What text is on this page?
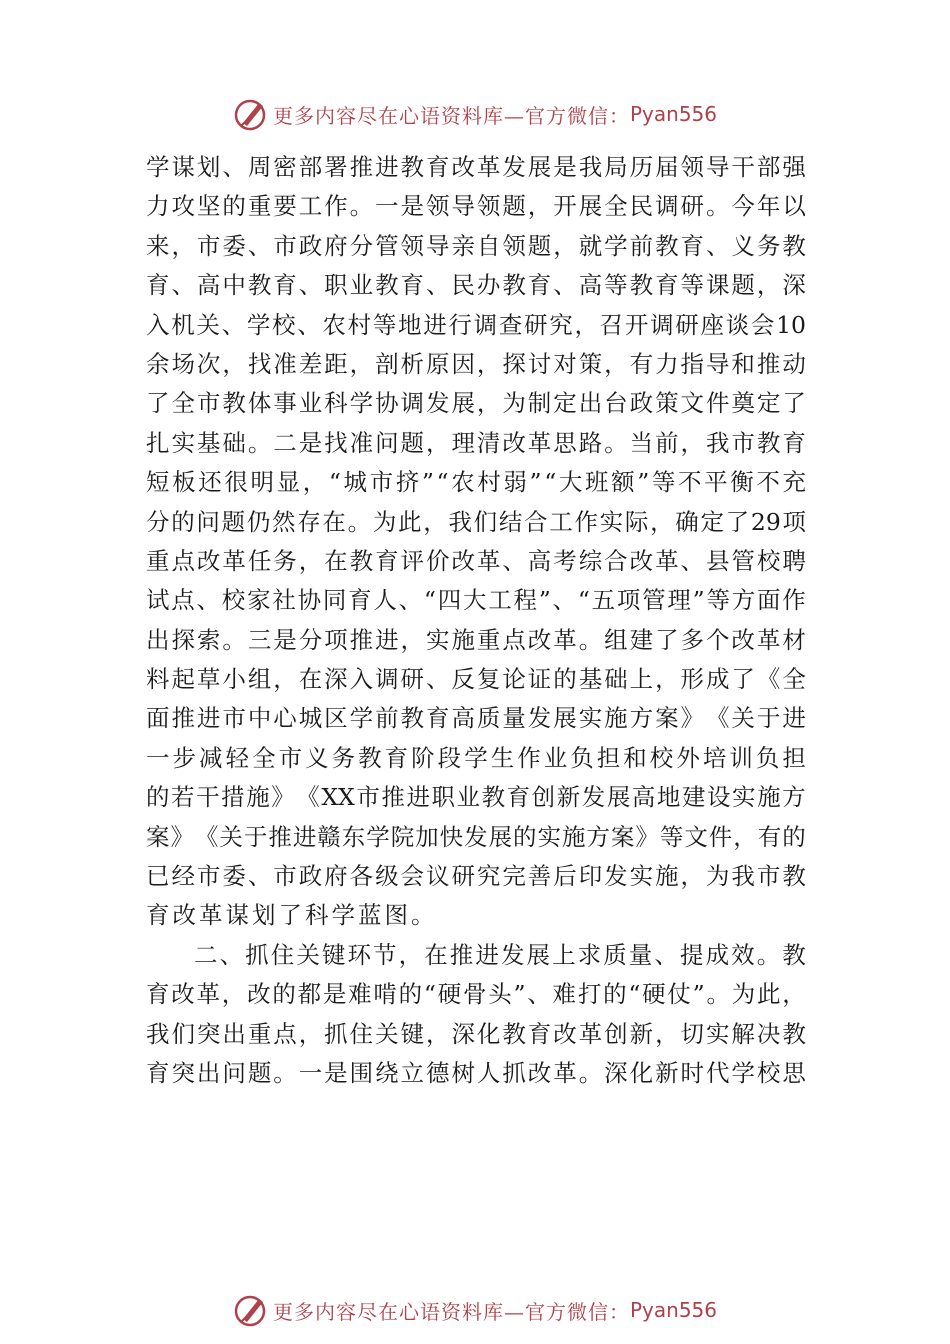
更多内容尽在心语资料库—官方微信： Pyan556
学 谋 划 、 周 密 部 署 推 进 教 育 改 革 发 展 是 我 局 历 届 领 导 干 部 强
力 攻 坚 的 重 要 工 作 。 一 是 领 导 领 题 ， 开 展 全 民 调 研 。 今 年 以
来 ， 市 委 、 市 政 府 分 管 领 导 亲 自 领 题 ， 就 学 前 教 育 、 义 务 教
育 、 高 中 教 育 、 职 业 教 育 、 民 办 教 育 、 高 等 教 育 等 课 题 ， 深
入 机 关 、 学 校 、 农 村 等 地 进 行 调 查 研 究 ， 召 开 调 研 座 谈 会 10
余 场 次 ， 找 准 差 距 ， 剖 析 原 因 ， 探 讨 对 策 ， 有 力 指 导 和 推 动
了 全 市 教 体 事 业 科 学 协 调 发 展 ， 为 制 定 出 台 政 策 文 件 奠 定 了
扎 实 基 础 。 二 是 找 准 问 题 ， 理 清 改 革 思 路 。 当 前 ， 我 市 教 育
短 板 还 很 明 显 ， “ 城 市 挤 ” “ 农 村 弱 ” “ 大 班 额 ” 等 不 平 衡 不 充
分 的 问 题 仍 然 存 在 。 为 此 ， 我 们 结 合 工 作 实 际 ， 确 定 了 29 项
重 点 改 革 任 务 ， 在 教 育 评 价 改 革 、 高 考 综 合 改 革 、 县 管 校 聘
试 点 、 校 家 社 协 同 育 人 、 “ 四 大 工 程 ” 、 “ 五 项 管 理 ” 等 方 面 作
出 探 索 。 三 是 分 项 推 进 ， 实 施 重 点 改 革 。 组 建 了 多 个 改 革 材
料 起 草 小 组 ， 在 深 入 调 研 、 反 复 论 证 的 基 础 上 ， 形 成 了 《 全
面 推 进 市 中 心 城 区 学 前 教 育 高 质 量 发 展 实 施 方 案 》 《 关 于 进
一 步 减 轻 全 市 义 务 教 育 阶 段 学 生 作 业 负 担 和 校 外 培 训 负 担
的 若 干 措 施 》 《 XX 市 推 进 职 业 教 育 创 新 发 展 高 地 建 设 实 施 方
案 》 《 关 于 推 进 赣 东 学 院 加 快 发 展 的 实 施 方 案 》 等 文 件 ， 有 的
已 经 市 委 、 市 政 府 各 级 会 议 研 究 完 善 后 印 发 实 施 ， 为 我 市 教
育改革谋划了科学蓝图。
二 、 抓 住 关 键 环 节 ， 在 推 进 发 展 上 求 质 量 、 提 成 效 。 教
育 改 革 ， 改 的 都 是 难 啃 的 “ 硬 骨 头 ” 、 难 打 的 “ 硬 仗 ” 。 为 此 ，
我 们 突 出 重 点 ， 抓 住 关 键 ， 深 化 教 育 改 革 创 新 ， 切 实 解 决 教
育 突 出 问 题 。 一 是 围 绕 立 德 树 人 抓 改 革 。 深 化 新 时 代 学 校 思
更多内容尽在心语资料库—官方微信： Pyan556
